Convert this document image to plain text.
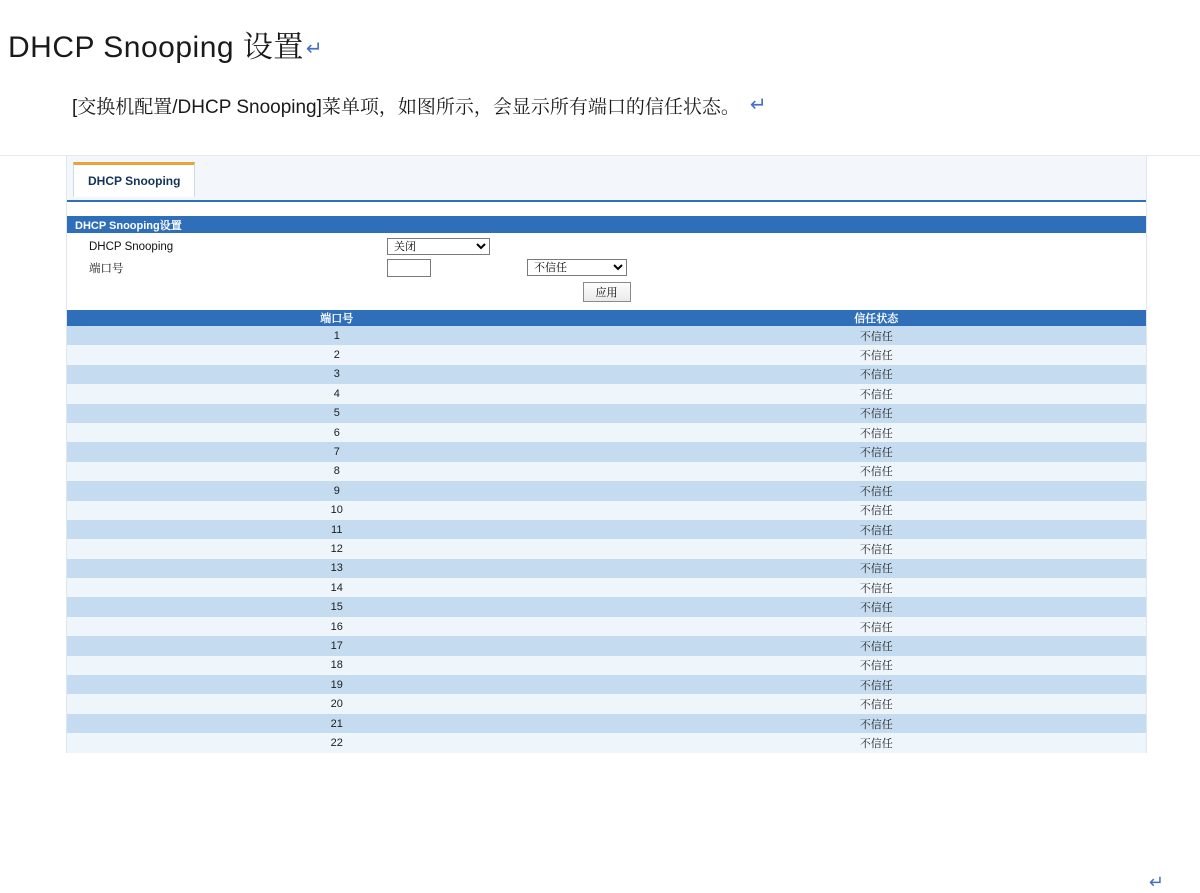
DHCP Snooping 设置 ↵

[交换机配置/DHCP Snooping]菜单项，如图所示，会显示所有端口的信任状态。 ↵

DHCP Snooping
DHCP Snooping设置
DHCP Snooping
关闭
端口号
不信任
应用
端口号	信任状态
1	不信任
2	不信任
3	不信任
4	不信任
5	不信任
6	不信任
7	不信任
8	不信任
9	不信任
10	不信任
11	不信任
12	不信任
13	不信任
14	不信任
15	不信任
16	不信任
17	不信任
18	不信任
19	不信任
20	不信任
21	不信任
22	不信任
↵
